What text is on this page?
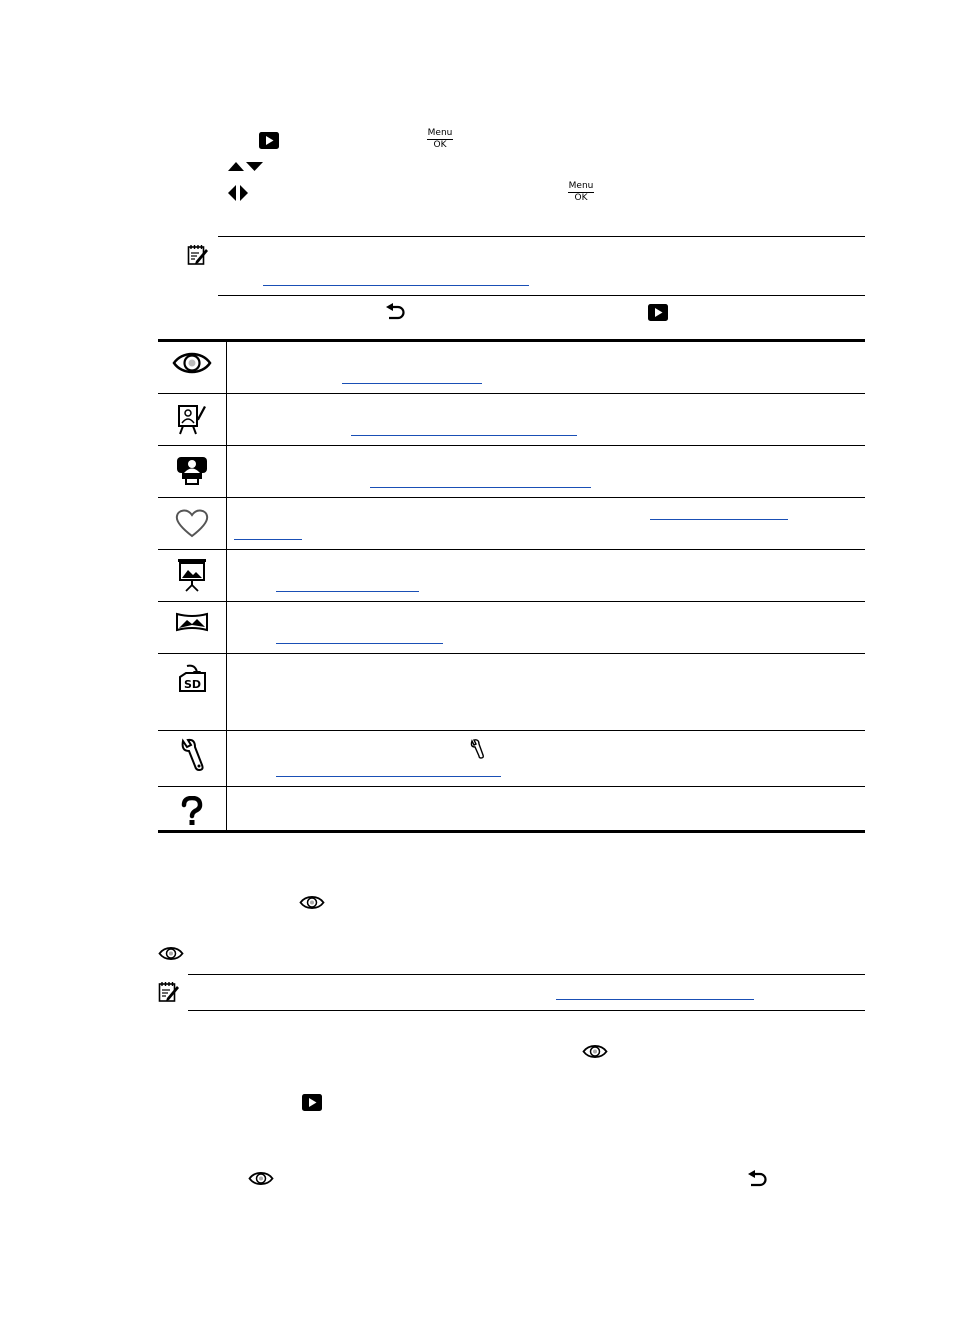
Menu
OK
Menu
OK
SD
